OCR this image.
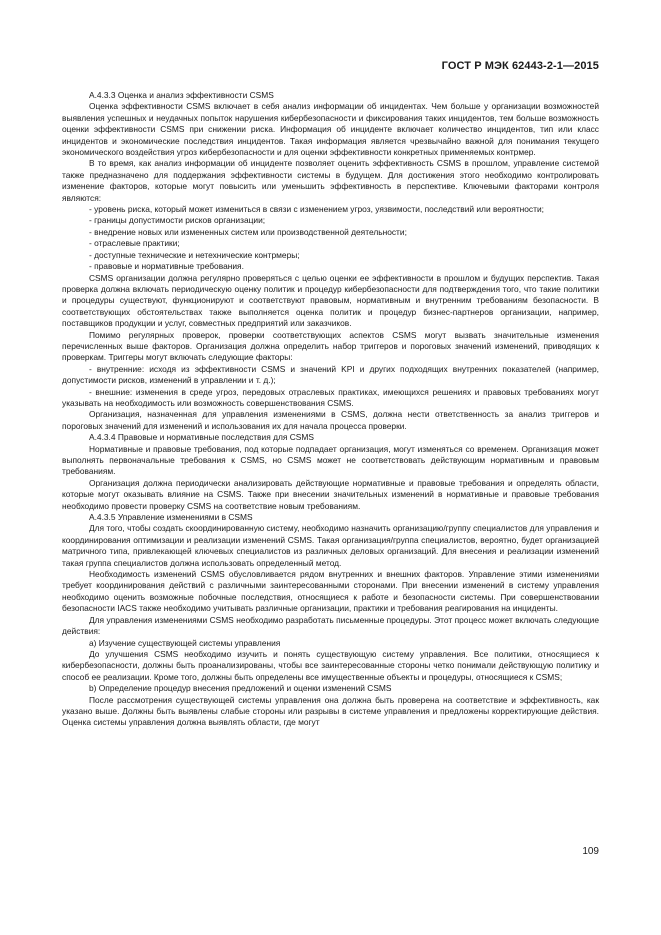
ГОСТ Р МЭК 62443-2-1—2015

A.4.3.3 Оценка и анализ эффективности CSMS

Оценка эффективности CSMS включает в себя анализ информации об инцидентах. Чем больше у организации возможностей выявления успешных и неудачных попыток нарушения кибербезопасности и фиксирования таких инцидентов, тем больше возможность оценки эффективности CSMS при снижении риска. Информация об инциденте включает количество инцидентов, тип или класс инцидентов и экономические последствия инцидентов. Такая информация является чрезвычайно важной для понимания текущего экономического воздействия угроз кибербезопасности и для оценки эффективности конкретных применяемых контрмер.

В то время, как анализ информации об инциденте позволяет оценить эффективность CSMS в прошлом, управление системой также предназначено для поддержания эффективности системы в будущем. Для достижения этого необходимо контролировать изменение факторов, которые могут повысить или уменьшить эффективность в перспективе. Ключевыми факторами контроля являются:

- уровень риска, который может измениться в связи с изменением угроз, уязвимости, последствий или вероятности;

- границы допустимости рисков организации;

- внедрение новых или измененных систем или производственной деятельности;

- отраслевые практики;

- доступные технические и нетехнические контрмеры;

- правовые и нормативные требования.

CSMS организации должна регулярно проверяться с целью оценки ее эффективности в прошлом и будущих перспектив. Такая проверка должна включать периодическую оценку политик и процедур кибербезопасности для подтверждения того, что такие политики и процедуры существуют, функционируют и соответствуют правовым, нормативным и внутренним требованиям безопасности. В соответствующих обстоятельствах также выполняется оценка политик и процедур бизнес-партнеров организации, например, поставщиков продукции и услуг, совместных предприятий или заказчиков.

Помимо регулярных проверок, проверки соответствующих аспектов CSMS могут вызвать значительные изменения перечисленных выше факторов. Организация должна определить набор триггеров и пороговых значений изменений, приводящих к проверкам. Триггеры могут включать следующие факторы:

- внутренние: исходя из эффективности CSMS и значений KPI и других подходящих внутренних показателей (например, допустимости рисков, изменений в управлении и т. д.);

- внешние: изменения в среде угроз, передовых отраслевых практиках, имеющихся решениях и правовых требованиях могут указывать на необходимость или возможность совершенствования CSMS.

Организация, назначенная для управления изменениями в CSMS, должна нести ответственность за анализ триггеров и пороговых значений для изменений и использования их для начала процесса проверки.

A.4.3.4 Правовые и нормативные последствия для CSMS

Нормативные и правовые требования, под которые подпадает организация, могут изменяться со временем. Организация может выполнять первоначальные требования к CSMS, но CSMS может не соответствовать действующим нормативным и правовым требованиям.

Организация должна периодически анализировать действующие нормативные и правовые требования и определять области, которые могут оказывать влияние на CSMS. Также при внесении значительных изменений в нормативные и правовые требования необходимо провести проверку CSMS на соответствие новым требованиям.

A.4.3.5 Управление изменениями в CSMS

Для того, чтобы создать скоординированную систему, необходимо назначить организацию/группу специалистов для управления и координирования оптимизации и реализации изменений CSMS. Такая организация/группа специалистов, вероятно, будет организацией матричного типа, привлекающей ключевых специалистов из различных деловых организаций. Для внесения и реализации изменений такая группа специалистов должна использовать определенный метод.

Необходимость изменений CSMS обусловливается рядом внутренних и внешних факторов. Управление этими изменениями требует координирования действий с различными заинтересованными сторонами. При внесении изменений в систему управления необходимо оценить возможные побочные последствия, относящиеся к работе и безопасности системы. При совершенствовании безопасности IACS также необходимо учитывать различные организации, практики и требования реагирования на инциденты.

Для управления изменениями CSMS необходимо разработать письменные процедуры. Этот процесс может включать следующие действия:

а) Изучение существующей системы управления

До улучшения CSMS необходимо изучить и понять существующую систему управления. Все политики, относящиеся к кибербезопасности, должны быть проанализированы, чтобы все заинтересованные стороны четко понимали действующую политику и способ ее реализации. Кроме того, должны быть определены все имущественные объекты и процедуры, относящиеся к CSMS;

b) Определение процедур внесения предложений и оценки изменений CSMS

После рассмотрения существующей системы управления она должна быть проверена на соответствие и эффективность, как указано выше. Должны быть выявлены слабые стороны или разрывы в системе управления и предложены корректирующие действия. Оценка системы управления должна выявлять области, где могут

109
